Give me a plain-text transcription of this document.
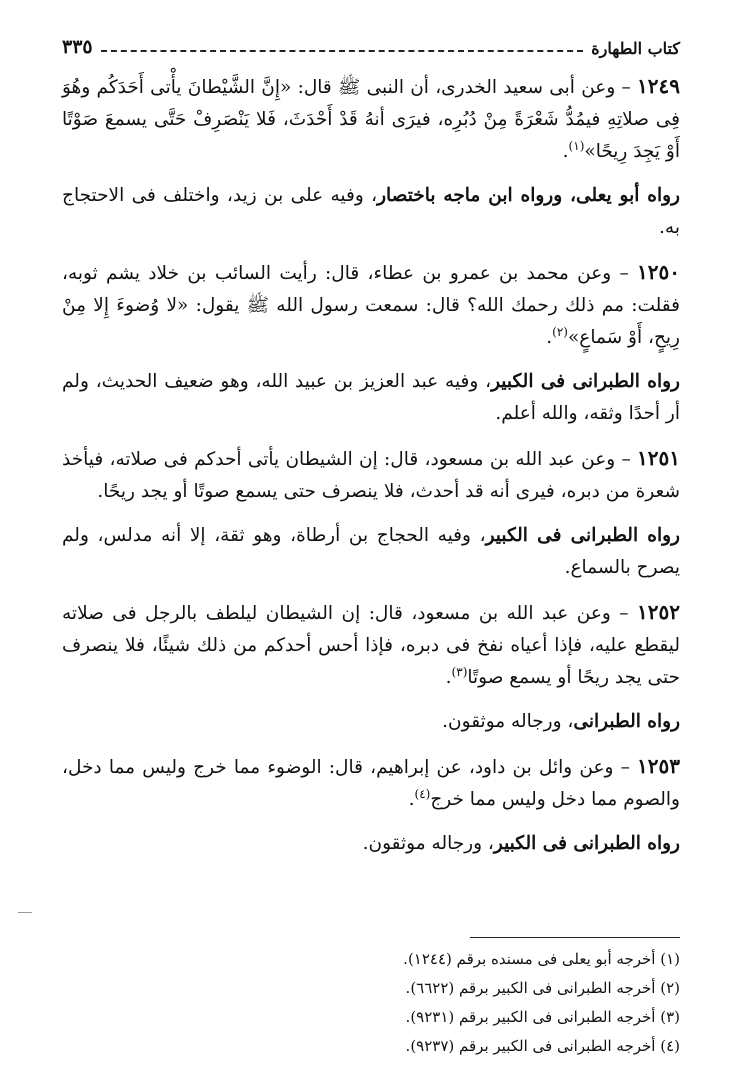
كتاب الطهارة
٣٣٥

١٢٤٩ – وعن أبى سعيد الخدرى، أن النبى ﷺ قال: «إِنَّ الشَّيْطانَ يأْتى أَحَدَكُم وهُوَ فِى صلاتِهِ فيمُدُّ شَعْرَةً مِنْ دُبُرِه، فيرَى أنهُ قَدْ أَحْدَثَ، فَلا يَنْصَرِفْ حَتَّى يسمعَ صَوْتًا أَوْ يَجِدَ رِيحًا»$^{(١)}$.

رواه أبو يعلى، ورواه ابن ماجه باختصار، وفيه على بن زيد، واختلف فى الاحتجاج به.

١٢٥٠ – وعن محمد بن عمرو بن عطاء، قال: رأيت السائب بن خلاد يشم ثوبه، فقلت: مم ذلك رحمك الله؟ قال: سمعت رسول الله ﷺ يقول: «لا وُضوءَ إِلا مِنْ رِيحٍ، أَوْ سَماعٍ»$^{(٢)}$.

رواه الطبرانى فى الكبير، وفيه عبد العزيز بن عبيد الله، وهو ضعيف الحديث، ولم أر أحدًا وثقه، والله أعلم.

١٢٥١ – وعن عبد الله بن مسعود، قال: إن الشيطان يأتى أحدكم فى صلاته، فيأخذ شعرة من دبره، فيرى أنه قد أحدث، فلا ينصرف حتى يسمع صوتًا أو يجد ريحًا.

رواه الطبرانى فى الكبير، وفيه الحجاج بن أرطاة، وهو ثقة، إلا أنه مدلس، ولم يصرح بالسماع.

١٢٥٢ – وعن عبد الله بن مسعود، قال: إن الشيطان ليلطف بالرجل فى صلاته ليقطع عليه، فإذا أعياه نفخ فى دبره، فإذا أحس أحدكم من ذلك شيئًا، فلا ينصرف حتى يجد ريحًا أو يسمع صوتًا$^{(٣)}$.

رواه الطبرانى، ورجاله موثقون.

١٢٥٣ – وعن وائل بن داود، عن إبراهيم، قال: الوضوء مما خرج وليس مما دخل، والصوم مما دخل وليس مما خرج$^{(٤)}$.

رواه الطبرانى فى الكبير، ورجاله موثقون.

(١) أخرجه أبو يعلى فى مسنده برقم (١٢٤٤).
(٢) أخرجه الطبرانى فى الكبير برقم (٦٦٢٢).
(٣) أخرجه الطبرانى فى الكبير برقم (٩٢٣١).
(٤) أخرجه الطبرانى فى الكبير برقم (٩٢٣٧).
